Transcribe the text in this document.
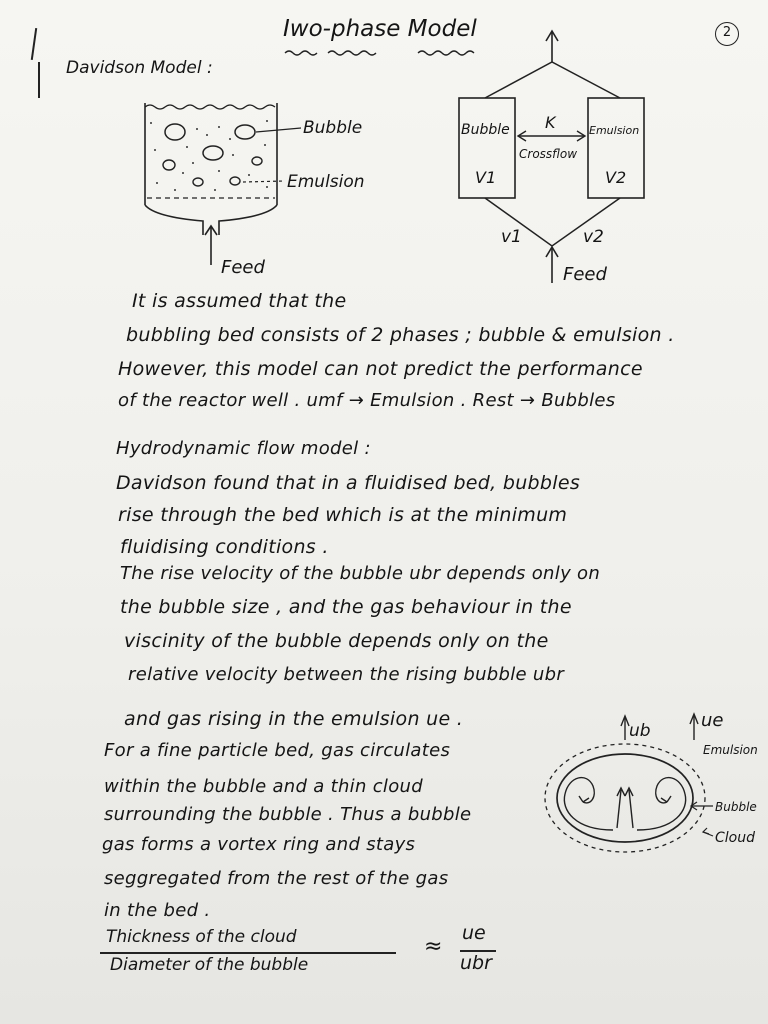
Iwo-phase Model	2
Davidson Model :
Bubble
Emulsion
Feed
Bubble
V1
Emulsion
V2
K
Crossflow
v1	v2
Feed
It is assumed that the
bubbling bed consists of 2 phases ; bubble & emulsion .
However, this model can not predict the performance
of the reactor well . umf → Emulsion . Rest → Bubbles
Hydrodynamic flow model :
Davidson found that in a fluidised bed, bubbles
rise through the bed which is at the minimum
fluidising conditions .
The rise velocity of the bubble ubr depends only on
the bubble size , and the gas behaviour in the
viscinity of the bubble depends only on the
relative velocity between the rising bubble ubr
and gas rising in the emulsion ue .
For a fine particle bed, gas circulates
within the bubble and a thin cloud
surrounding the bubble . Thus a bubble
gas forms a vortex ring and stays
seggregated from the rest of the gas
in the bed .
ub	ue
Emulsion
Bubble
Cloud
Thickness of the cloud
Diameter of the bubble
≈
ue
ubr
